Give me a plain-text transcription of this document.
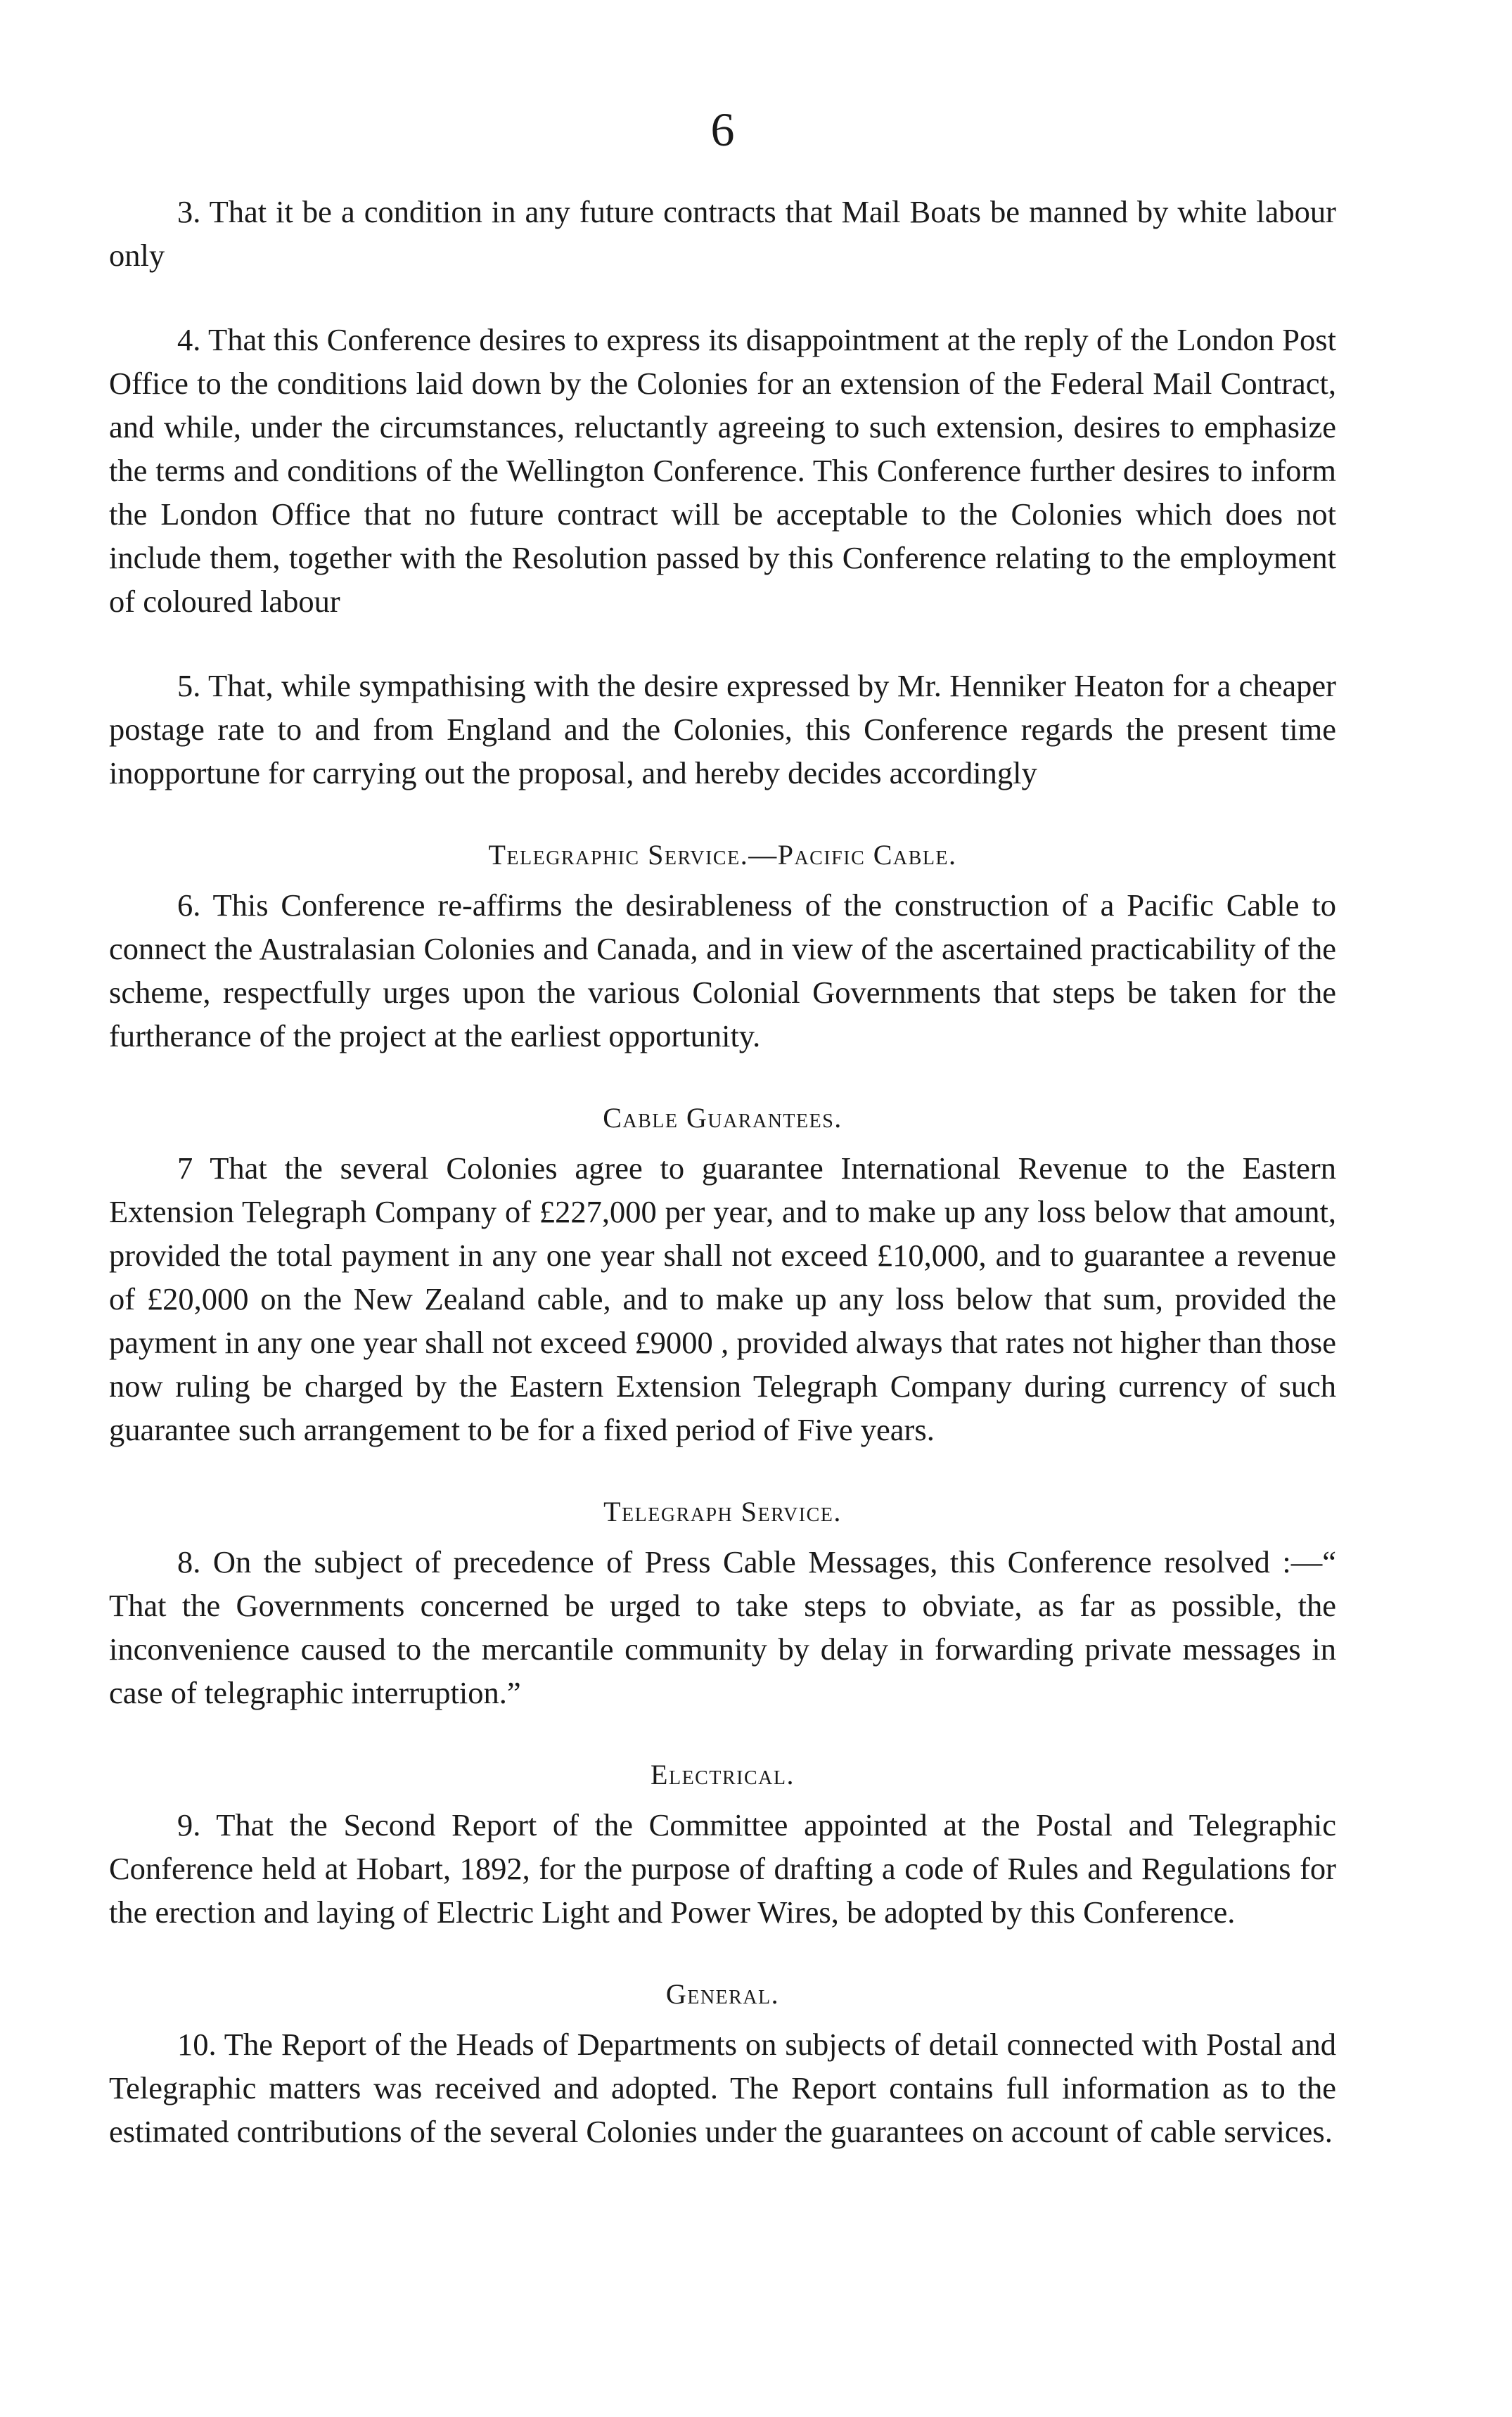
6

3. That it be a condition in any future contracts that Mail Boats be manned by white labour only

4. That this Conference desires to express its disappointment at the reply of the London Post Office to the conditions laid down by the Colonies for an extension of the Federal Mail Contract, and while, under the circumstances, reluctantly agreeing to such extension, desires to emphasize the terms and conditions of the Wellington Conference. This Conference further desires to inform the London Office that no future contract will be acceptable to the Colonies which does not include them, together with the Resolution passed by this Conference relating to the employment of coloured labour

5. That, while sympathising with the desire expressed by Mr. Henniker Heaton for a cheaper postage rate to and from England and the Colonies, this Conference regards the present time inopportune for carrying out the proposal, and hereby decides accordingly

Telegraphic Service.—Pacific Cable.

6. This Conference re-affirms the desirableness of the construction of a Pacific Cable to connect the Australasian Colonies and Canada, and in view of the ascertained practicability of the scheme, respectfully urges upon the various Colonial Governments that steps be taken for the furtherance of the project at the earliest opportunity.

Cable Guarantees.

7 That the several Colonies agree to guarantee International Revenue to the Eastern Extension Telegraph Company of £227,000 per year, and to make up any loss below that amount, provided the total payment in any one year shall not exceed £10,000, and to guarantee a revenue of £20,000 on the New Zealand cable, and to make up any loss below that sum, provided the payment in any one year shall not exceed £9000 , provided always that rates not higher than those now ruling be charged by the Eastern Extension Telegraph Company during currency of such guarantee such arrangement to be for a fixed period of Five years.

Telegraph Service.

8. On the subject of precedence of Press Cable Messages, this Conference resolved :—“ That the Governments concerned be urged to take steps to obviate, as far as possible, the inconvenience caused to the mercantile community by delay in forwarding private messages in case of telegraphic interruption.”

Electrical.

9. That the Second Report of the Committee appointed at the Postal and Telegraphic Conference held at Hobart, 1892, for the purpose of drafting a code of Rules and Regulations for the erection and laying of Electric Light and Power Wires, be adopted by this Conference.

General.

10. The Report of the Heads of Departments on subjects of detail connected with Postal and Telegraphic matters was received and adopted. The Report contains full information as to the estimated contributions of the several Colonies under the guarantees on account of cable services.
